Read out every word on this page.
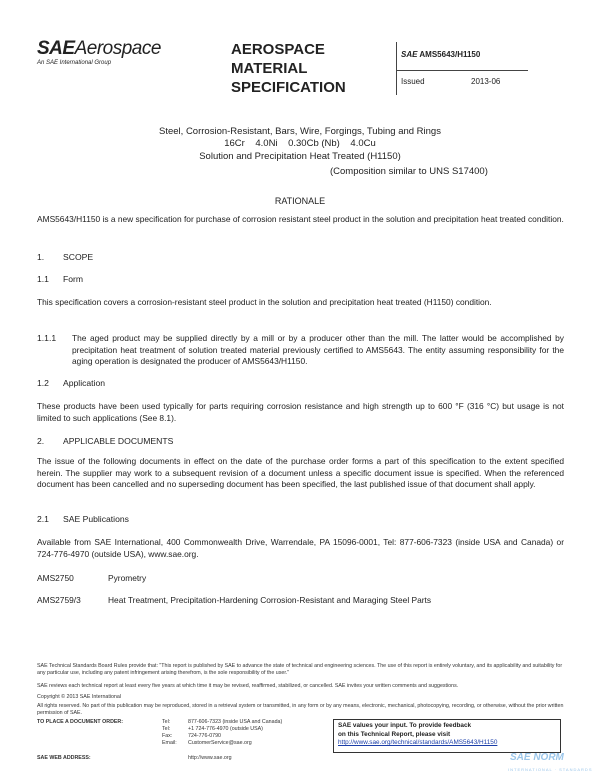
SAEAerospace
An SAE International Group
AEROSPACE
MATERIAL
SPECIFICATION
SAE AMS5643/H1150
Issued	2013-06
Steel, Corrosion-Resistant, Bars, Wire, Forgings, Tubing and Rings
16Cr    4.0Ni    0.30Cb (Nb)    4.0Cu
Solution and Precipitation Heat Treated (H1150)
(Composition similar to UNS S17400)
RATIONALE
AMS5643/H1150 is a new specification for purchase of corrosion resistant steel product in the solution and precipitation heat treated condition.
1. SCOPE
1.1 Form
This specification covers a corrosion-resistant steel product in the solution and precipitation heat treated (H1150) condition.
1.1.1 The aged product may be supplied directly by a mill or by a producer other than the mill. The latter would be accomplished by precipitation heat treatment of solution treated material previously certified to AMS5643. The entity assuming responsibility for the aging operation is designated the producer of AMS5643/H1150.
1.2 Application
These products have been used typically for parts requiring corrosion resistance and high strength up to 600 °F (316 °C) but usage is not limited to such applications (See 8.1).
2. APPLICABLE DOCUMENTS
The issue of the following documents in effect on the date of the purchase order forms a part of this specification to the extent specified herein. The supplier may work to a subsequent revision of a document unless a specific document issue is specified. When the referenced document has been cancelled and no superseding document has been specified, the last published issue of that document shall apply.
2.1 SAE Publications
Available from SAE International, 400 Commonwealth Drive, Warrendale, PA 15096-0001, Tel: 877-606-7323 (inside USA and Canada) or 724-776-4970 (outside USA), www.sae.org.
AMS2750	Pyrometry
AMS2759/3	Heat Treatment, Precipitation-Hardening Corrosion-Resistant and Maraging Steel Parts
SAE Technical Standards Board Rules provide that: "This report is published by SAE to advance the state of technical and engineering sciences. The use of this report is entirely voluntary, and its applicability and suitability for any particular use, including any patent infringement arising therefrom, is the sole responsibility of the user."
SAE reviews each technical report at least every five years at which time it may be revised, reaffirmed, stabilized, or cancelled. SAE invites your written comments and suggestions.
Copyright © 2013 SAE International
All rights reserved. No part of this publication may be reproduced, stored in a retrieval system or transmitted, in any form or by any means, electronic, mechanical, photocopying, recording, or otherwise, without the prior written permission of SAE.
TO PLACE A DOCUMENT ORDER:	Tel:	877-606-7323 (inside USA and Canada)
Tel:	+1 724-776-4970 (outside USA)
Fax:	724-776-0790
Email: CustomerService@sae.org
SAE WEB ADDRESS:	http://www.sae.org
SAE values your input. To provide feedback
on this Technical Report, please visit
http://www.sae.org/technical/standards/AMS5643/H1150
SAE NORM
INTERNATIONAL · STANDARDS
